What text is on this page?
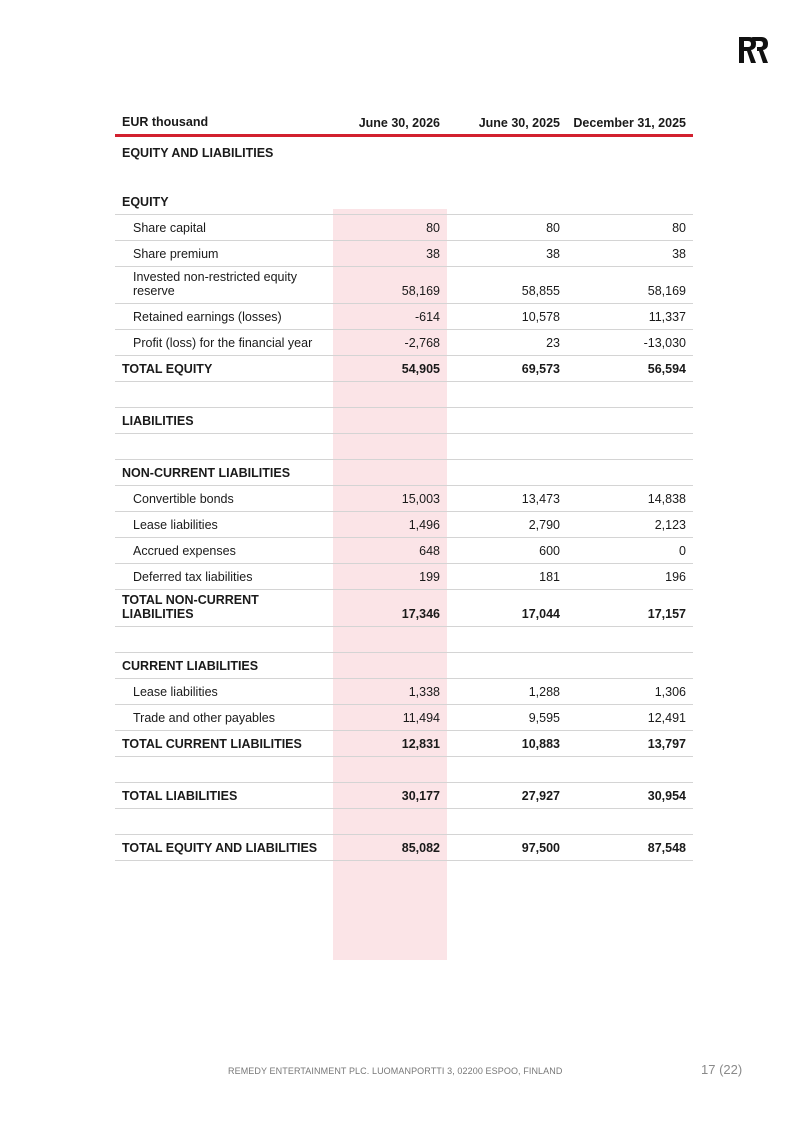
EUR thousand	June 30, 2026	June 30, 2025	December 31, 2025
EQUITY AND LIABILITIES
EQUITY
Share capital	80	80	80
Share premium	38	38	38
Invested non-restricted equity reserve	58,169	58,855	58,169
Retained earnings (losses)	-614	10,578	11,337
Profit (loss) for the financial year	-2,768	23	-13,030
TOTAL EQUITY	54,905	69,573	56,594
LIABILITIES
NON-CURRENT LIABILITIES
Convertible bonds	15,003	13,473	14,838
Lease liabilities	1,496	2,790	2,123
Accrued expenses	648	600	0
Deferred tax liabilities	199	181	196
TOTAL NON-CURRENT LIABILITIES	17,346	17,044	17,157
CURRENT LIABILITIES
Lease liabilities	1,338	1,288	1,306
Trade and other payables	11,494	9,595	12,491
TOTAL CURRENT LIABILITIES	12,831	10,883	13,797
TOTAL LIABILITIES	30,177	27,927	30,954
TOTAL EQUITY AND LIABILITIES	85,082	97,500	87,548
REMEDY ENTERTAINMENT PLC. LUOMANPORTTI 3, 02200 ESPOO, FINLAND	17 (22)
